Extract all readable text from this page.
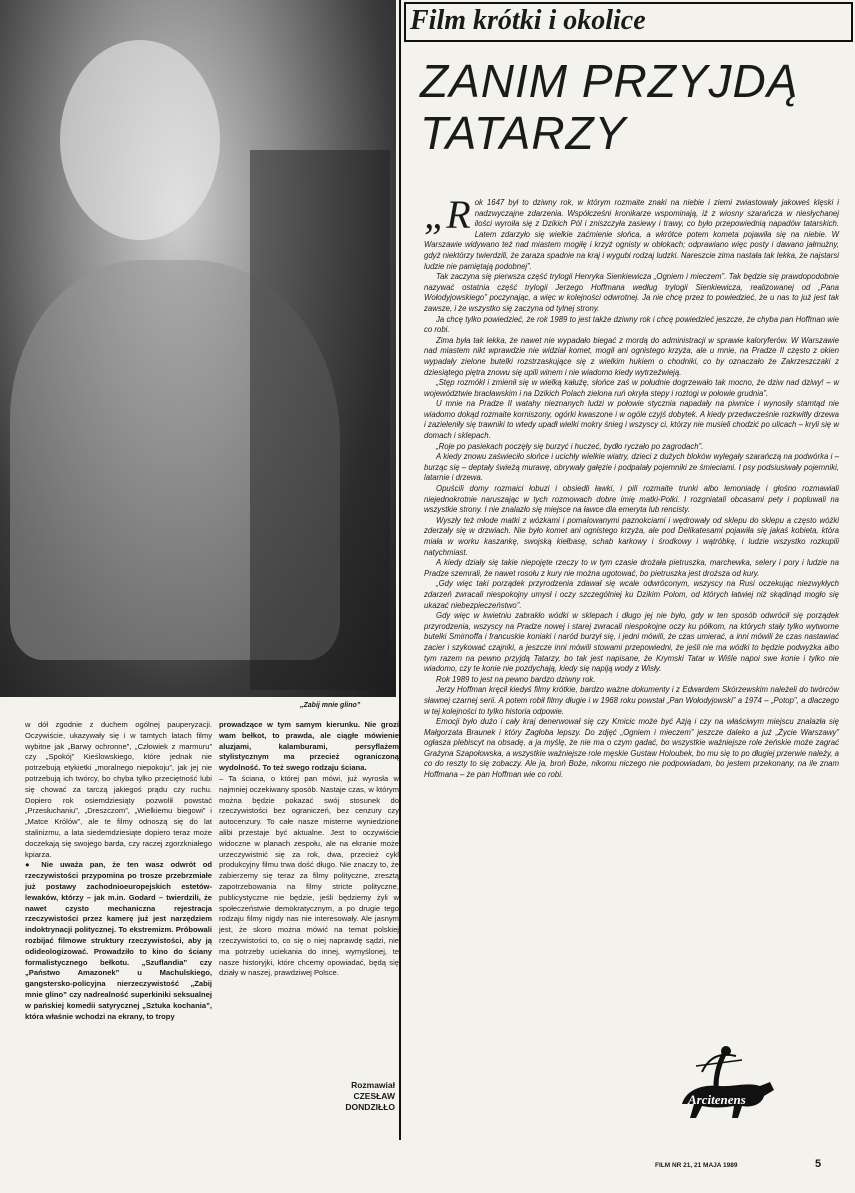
„Zabij mnie glino”

w dół zgodnie z duchem ogólnej pauperyzacji. Oczywiście, ukazywały się i w tamtych latach filmy wybitne jak „Barwy ochronne”, „Człowiek z marmuru” czy „Spokój” Kieślowskiego, które jednak nie potrzebują etykietki „moralnego niepokoju”, jak jej nie potrzebują ich twórcy, bo chyba tylko przeciętność lubi się chować za tarczą jakiegoś prądu czy ruchu. Dopiero rok osiemdziesiąty pozwolił powstać „Przesłuchaniu”, „Dreszczom”, „Wielkiemu biegowi” i „Matce Królów”, ale te filmy odnoszą się do lat stalinizmu, a lata siedemdziesiąte dopiero teraz może doczekają się swojego barda, czy raczej zgorzkniałego kpiarza.

● Nie uważa pan, że ten wasz odwrót od rzeczywistości przypomina po trosze przebrzmiałe już postawy zachodnioeuropejskich estetów-lewaków, którzy – jak m.in. Godard – twierdzili, że nawet czysto mechaniczna rejestracja rzeczywistości przez kamerę już jest narzędziem indoktrynacji politycznej. To ekstremizm. Próbowali rozbijać filmowe struktury rzeczywistości, aby ją odideologizować. Prowadziło to kino do ściany formalistycznego bełkotu. „Szuflandia” czy „Państwo Amazonek” u Machulskiego, gangstersko-policyjna nierzeczywistość „Zabij mnie glino” czy nadrealność superkiniki seksualnej w pańskiej komedii satyrycznej „Sztuka kochania”, która właśnie wchodzi na ekrany, to tropy

prowadzące w tym samym kierunku. Nie grozi wam bełkot, to prawda, ale ciągłe mówienie aluzjami, kalamburami, persyflażem stylistycznym ma przecież ograniczoną wydolność. To też swego rodzaju ściana.

– Ta ściana, o której pan mówi, już wyrosła w najmniej oczekiwany sposób. Nastaje czas, w którym można będzie pokazać swój stosunek do rzeczywistości bez ograniczeń, bez cenzury czy autocenzury. To całe nasze misterne wyniedzione alibi przestaje być aktualne. Jest to oczywiście widoczne w planach zespołu, ale na ekranie może urzeczywistnić się za rok, dwa, przecież cykl produkcyjny filmu trwa dość długo. Nie znaczy to, że zabierzemy się teraz za filmy polityczne, zresztą zapotrzebowania na filmy stricte polityczne, publicystyczne nie będzie, jeśli będziemy żyli w społeczeństwie demokratycznym, a po drugie tego rodzaju filmy nigdy nas nie interesowały. Ale jasnym jest, że skoro można mówić na temat polskiej rzeczywistości to, co się o niej naprawdę sądzi, nie ma potrzeby uciekania do innej, wymyślonej, te nasze historyjki, które chcemy opowiadać, będą się działy w naszej, prawdziwej Polsce.

Rozmawiał
CZESŁAW
DONDZIŁŁO
Film krótki i okolice
ZANIM PRZYJDĄ
TATARZY

„Rok 1647 był to dziwny rok, w którym rozmaite znaki na niebie i ziemi zwiastowały jakoweś klęski i nadzwyczajne zdarzenia. Współcześni kronikarze wspominają, iż z wiosny szarańcza w niesłychanej ilości wyroiła się z Dzikich Pól i zniszczyła zasiewy i trawy, co było przepowiednią napadów tatarskich. Latem zdarzyło się wielkie zaćmienie słońca, a wkrótce potem kometa pojawiła się na niebie. W Warszawie widywano też nad miastem mogiłę i krzyż ognisty w obłokach; odprawiano więc posty i dawano jałmużny, gdyż niektórzy twierdzili, że zaraza spadnie na kraj i wygubi rodzaj ludzki. Nareszcie zima nastała tak lekka, że najstarsi ludzie nie pamiętają podobnej”.

Tak zaczyna się pierwsza część trylogii Henryka Sienkiewicza „Ogniem i mieczem”. Tak będzie się prawdopodobnie nazywać ostatnia część trylogii Jerzego Hoffmana według trylogii Sienkiewicza, realizowanej od „Pana Wołodyjowskiego” poczynając, a więc w kolejności odwrotnej. Ja nie chcę przez to powiedzieć, że u nas to już jest tak zawsze, i że wszystko się zaczyna od tylnej strony.

Ja chcę tylko powiedzieć, że rok 1989 to jest także dziwny rok i chcę powiedzieć jeszcze, że chyba pan Hoffman wie co robi.

Zima była tak lekka, że nawet nie wypadało biegać z mordą do administracji w sprawie kaloryferów. W Warszawie nad miastem nikt wprawdzie nie widział komet, mogił ani ognistego krzyża, ale u mnie, na Pradze II często z okien wypadały zielone butelki rozstrzaskujące się z wielkim hukiem o chodniki, co by oznaczało że Zakrzeszczaki z dziesiątego piętra znowu się upili winem i nie wiadomo kiedy wytrzeźwieją.

„Stęp rozmókł i zmienił się w wielką kałużę, słońce zaś w południe dogrzewało tak mocno, że dziw nad dziwy! – w województwie bracławskim i na Dzikich Polach zielona ruń okryła stepy i roztogi w połowie grudnia”.

U mnie na Pradze II watahy nieznanych ludzi w połowie stycznia napadały na piwnice i wynosiły stamtąd nie wiadomo dokąd rozmaite korniszony, ogórki kwaszone i w ogóle czyjś dobytek. A kiedy przedwcześnie rozkwitły drzewa i zazieleniły się trawniki to wtedy upadł wielki mokry śnieg i wszyscy ci, którzy nie musieli chodzić po ulicach – kryli się w domach i sklepach.

„Roje po pasiekach poczęły się burzyć i huczeć, bydło ryczało po zagrodach”.

A kiedy znowu zaświeciło słońce i ucichły wielkie wiatry, dzieci z dużych bloków wylegały szarańczą na podwórka i – burząc się – deptały świeżą murawę, obrywały gałęzie i podpalały pojemniki ze śmieciami. I psy podsiusiwały pojemniki, latarnie i drzewa.

Opuścili domy rozmaici łobuzi i obsiedli ławki, i pili rozmaite trunki albo lemoniadę i głośno rozmawiali niejednokrotnie naruszając w tych rozmowach dobre imię matki-Polki. I rozgniatali obcasami pety i popluwali na wszystkie strony. I nie znalazło się miejsce na ławce dla emeryta lub rencisty.

Wyszły też młode matki z wózkami i pomalowanymi paznokciami i wędrowały od sklepu do sklepu a często wóżki zderzały się w drzwiach. Nie było komet ani ognistego krzyża, ale pod Delikatesami pojawiła się jakaś kobieta, która miała w worku kaszankę, swojską kiełbasę, schab karkowy i środkowy i wątróbkę, i ludzie wszystko rozkupili natychmiast.

A kiedy działy się takie niepojęte rzeczy to w tym czasie drożała pietruszka, marchewka, selery i pory i ludzie na Pradze szemrali, że nawet rosołu z kury nie można ugotować, bo pietruszka jest droższa od kury.

„Gdy więc taki porządek przyrodzenia zdawał się wcale odwróconym, wszyscy na Rusi oczekując niezwykłych zdarzeń zwracali niespokojny umysł i oczy szczególniej ku Dzikim Polom, od których łatwiej niż skądinąd mogło się ukazać niebezpieczeństwo”.

Gdy więc w kwietniu zabrakło wódki w sklepach i długo jej nie było, gdy w ten sposób odwrócił się porządek przyrodzenia, wszyscy na Pradze nowej i starej zwracali niespokojne oczy ku półkom, na których stały tylko wytworne butelki Smirnoffa i francuskie koniaki i naród burzył się, i jedni mówili, że czas umierać, a inni mówili że czas nastawiać zacier i szykować czajniki, a jeszcze inni mówili stowami przepowiedni, że jeśli nie ma wódki to będzie podwyżka albo tym razem na pewno przyjdą Tatarzy, bo tak jest napisane, że Krymski Tatar w Wiśle napoi swe konie i tylko nie wiadomo, czy te konie nie pozdychają, kiedy się napiją wody z Wisły.

Rok 1989 to jest na pewno bardzo dziwny rok.

Jerzy Hoffman kręcił kiedyś filmy krótkie, bardzo ważne dokumenty i z Edwardem Skórzewskim należeli do twórców sławnej czarnej serii. A potem robił filmy długie i w 1968 roku powstał „Pan Wołodyjowski” a 1974 – „Potop”, a dlaczego w tej kolejności to tylko historia odpowie.

Emocji było dużo i cały kraj denerwował się czy Kmicic może być Azją i czy na właściwym miejscu znalazła się Małgorzata Braunek i który Zagłoba lepszy. Do zdjęć „Ogniem i mieczem” jeszcze daleko a już „Życie Warszawy” ogłasza plebiscyt na obsadę, a ja myślę, że nie ma o czym gadać, bo wszystkie ważniejsze role żeńskie może zagrać Grażyna Szapołowska, a wszystkie ważniejsze role męskie Gustaw Holoubek, bo mu się to po długiej przerwie należy, a co do reszty to się zobaczy. Ale ja, broń Boże, nikomu niczego nie podpowiadam, bo jestem przekonany, na ile znam Hoffmana – że pan Hoffman wie co robi.

Arcitenens
FILM NR 21, 21 MAJA 1989	5
